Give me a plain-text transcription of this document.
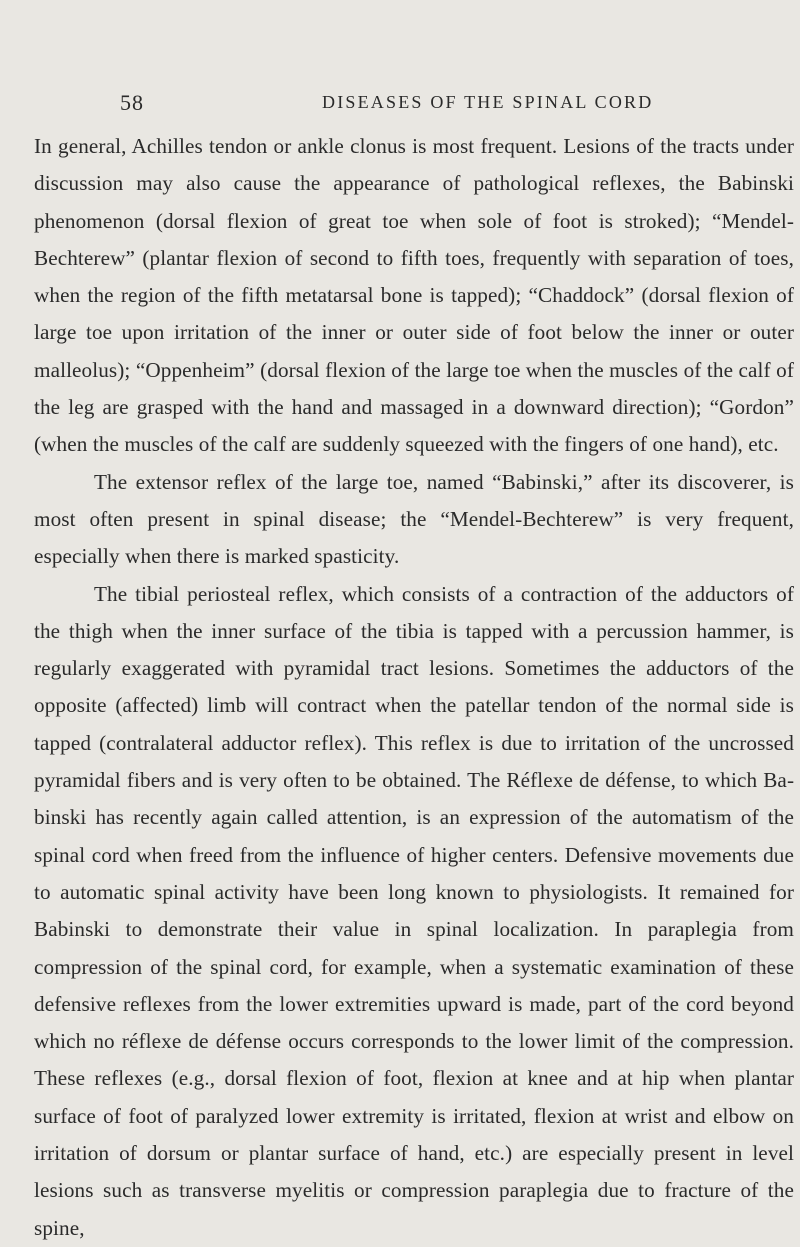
58	DISEASES OF THE SPINAL CORD

In general, Achilles tendon or ankle clonus is most frequent. Lesions of the tracts under discussion may also cause the appearance of pathological reflexes, the Babinski phenomenon (dorsal flexion of great toe when sole of foot is stroked); “Mendel-Bechterew” (plantar flexion of second to fifth toes, frequently with separation of toes, when the region of the fifth metatarsal bone is tapped); “Chaddock” (dorsal flexion of large toe upon irritation of the inner or outer side of foot below the inner or outer malleolus); “Oppenheim” (dorsal flexion of the large toe when the muscles of the calf of the leg are grasped with the hand and massaged in a downward direction); “Gordon” (when the muscles of the calf are suddenly squeezed with the fingers of one hand), etc.

The extensor reflex of the large toe, named “Babinski,” after its discoverer, is most often present in spinal disease; the “Mendel-Bechterew” is very frequent, especially when there is marked spasticity.

The tibial periosteal reflex, which consists of a contraction of the adductors of the thigh when the inner surface of the tibia is tapped with a percussion hammer, is regularly exaggerated with pyramidal tract lesions. Sometimes the adductors of the opposite (affected) limb will contract when the patellar tendon of the normal side is tapped (contralateral adductor reflex). This reflex is due to irritation of the uncrossed pyramidal fibers and is very often to be obtained. The Réflexe de défense, to which Babinski has recently again called attention, is an expression of the automatism of the spinal cord when freed from the influence of higher centers. Defensive movements due to automatic spinal activity have been long known to physiologists. It remained for Babinski to demonstrate their value in spinal localization. In paraplegia from compression of the spinal cord, for example, when a systematic examination of these defensive reflexes from the lower extremities upward is made, part of the cord beyond which no réflexe de défense occurs corresponds to the lower limit of the compression. These reflexes (e.g., dorsal flexion of foot, flexion at knee and at hip when plantar surface of foot of paralyzed lower extremity is irritated, flexion at wrist and elbow on irritation of dorsum or plantar surface of hand, etc.) are especially present in level lesions such as transverse myelitis or compression paraplegia due to fracture of the spine,
